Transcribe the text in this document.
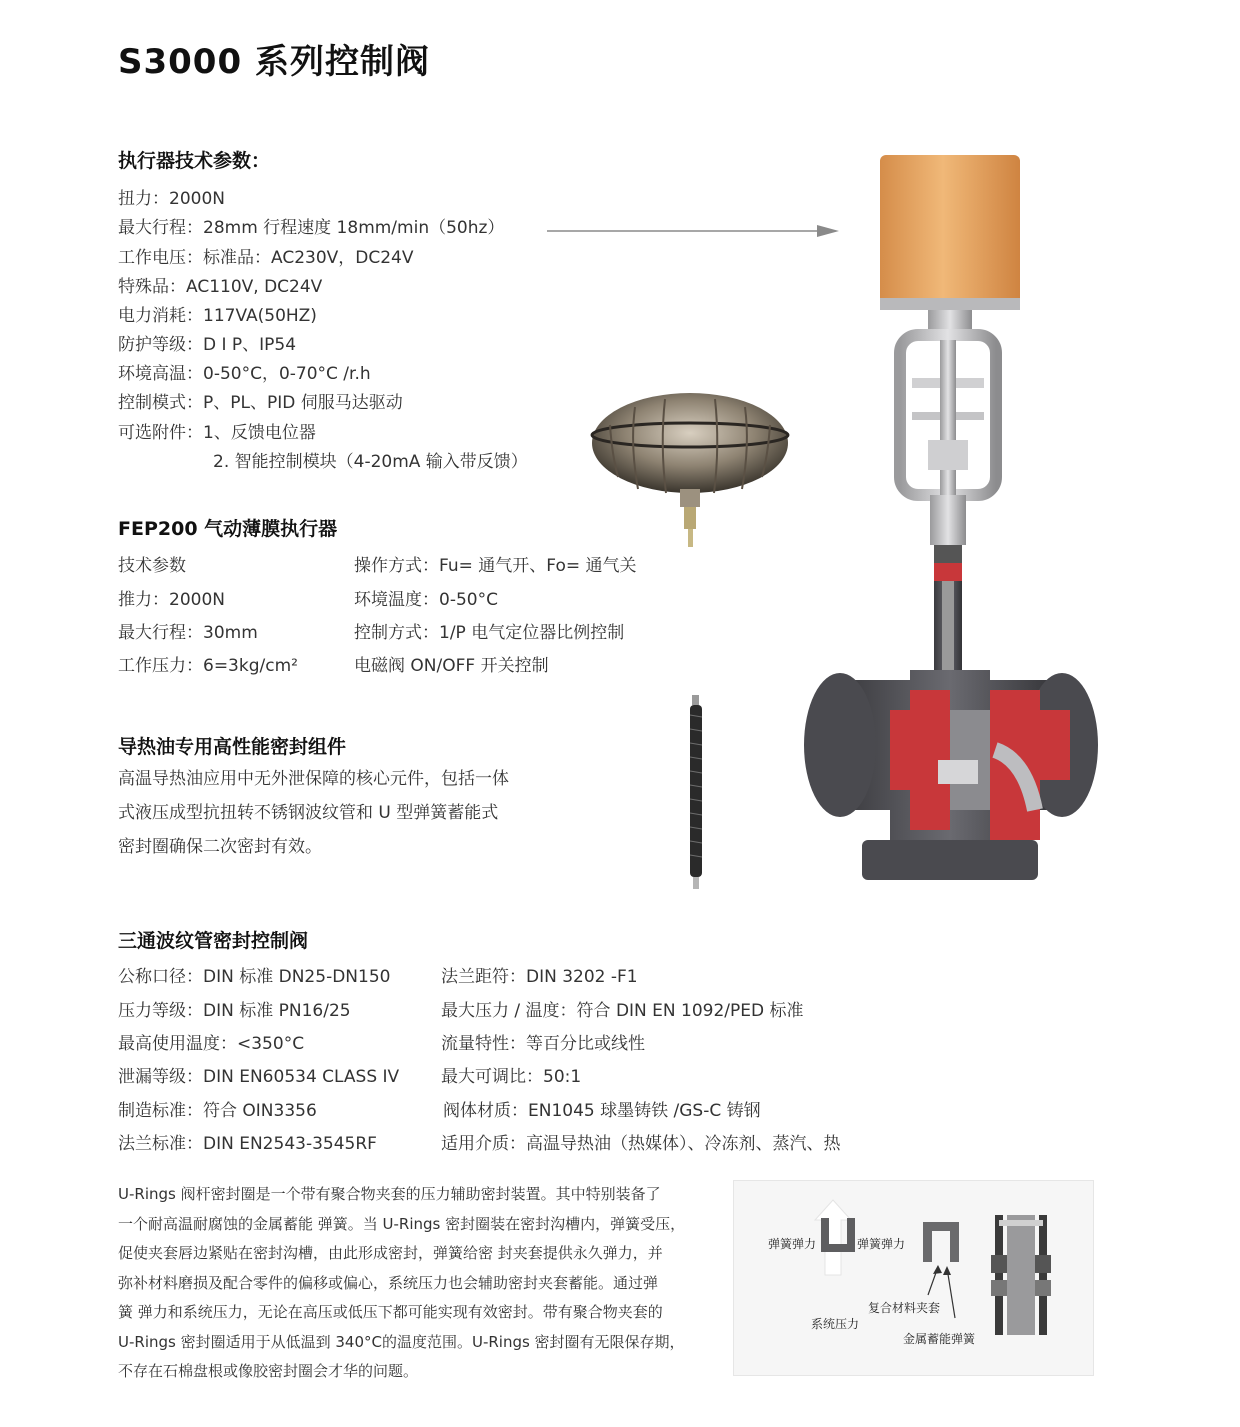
S3000 系列控制阀
执行器技术参数：
扭力：2000N
最大行程：28mm 行程速度 18mm/min（50hz）
工作电压：标准品：AC230V，DC24V
特殊品：AC110V, DC24V
电力消耗：117VA(50HZ)
防护等级：D I P、IP54
环境高温：0-50°C，0-70°C /r.h
控制模式：P、PL、PID 伺服马达驱动
可选附件：1、反馈电位器
2. 智能控制模块（4-20mA 输入带反馈）
FEP200 气动薄膜执行器
技术参数
推力：2000N
最大行程：30mm
工作压力：6=3kg/cm²
操作方式：Fu= 通气开、Fo= 通气关
环境温度：0-50°C
控制方式：1/P 电气定位器比例控制
电磁阀 ON/OFF 开关控制
导热油专用高性能密封组件
高温导热油应用中无外泄保障的核心元件，包括一体
式液压成型抗扭转不锈钢波纹管和 U 型弹簧蓄能式
密封圈确保二次密封有效。
三通波纹管密封控制阀
公称口径：DIN 标准 DN25-DN150
压力等级：DIN 标准 PN16/25
最高使用温度：<350°C
泄漏等级：DIN EN60534 CLASS IV
制造标准：符合 OIN3356
法兰标准：DIN EN2543-3545RF
法兰距符：DIN 3202 -F1
最大压力 / 温度：符合 DIN EN 1092/PED 标准
流量特性：等百分比或线性
最大可调比：50:1
阀体材质：EN1045 球墨铸铁 /GS-C 铸钢
适用介质：高温导热油（热媒体）、冷冻剂、蒸汽、热
U-Rings 阀杆密封圈是一个带有聚合物夹套的压力辅助密封装置。其中特别装备了
一个耐高温耐腐蚀的金属蓄能 弹簧。当 U-Rings 密封圈装在密封沟槽内，弹簧受压，
促使夹套唇边紧贴在密封沟槽，由此形成密封，弹簧给密 封夹套提供永久弹力，并
弥补材料磨损及配合零件的偏移或偏心，系统压力也会辅助密封夹套蓄能。通过弹
簧 弹力和系统压力，无论在高压或低压下都可能实现有效密封。带有聚合物夹套的
U-Rings 密封圈适用于从低温到 340°C的温度范围。U-Rings 密封圈有无限保存期，
不存在石棉盘根或像胶密封圈会才华的问题。
弹簧弹力	弹簧弹力
系统压力
复合材料夹套
金属蓄能弹簧
